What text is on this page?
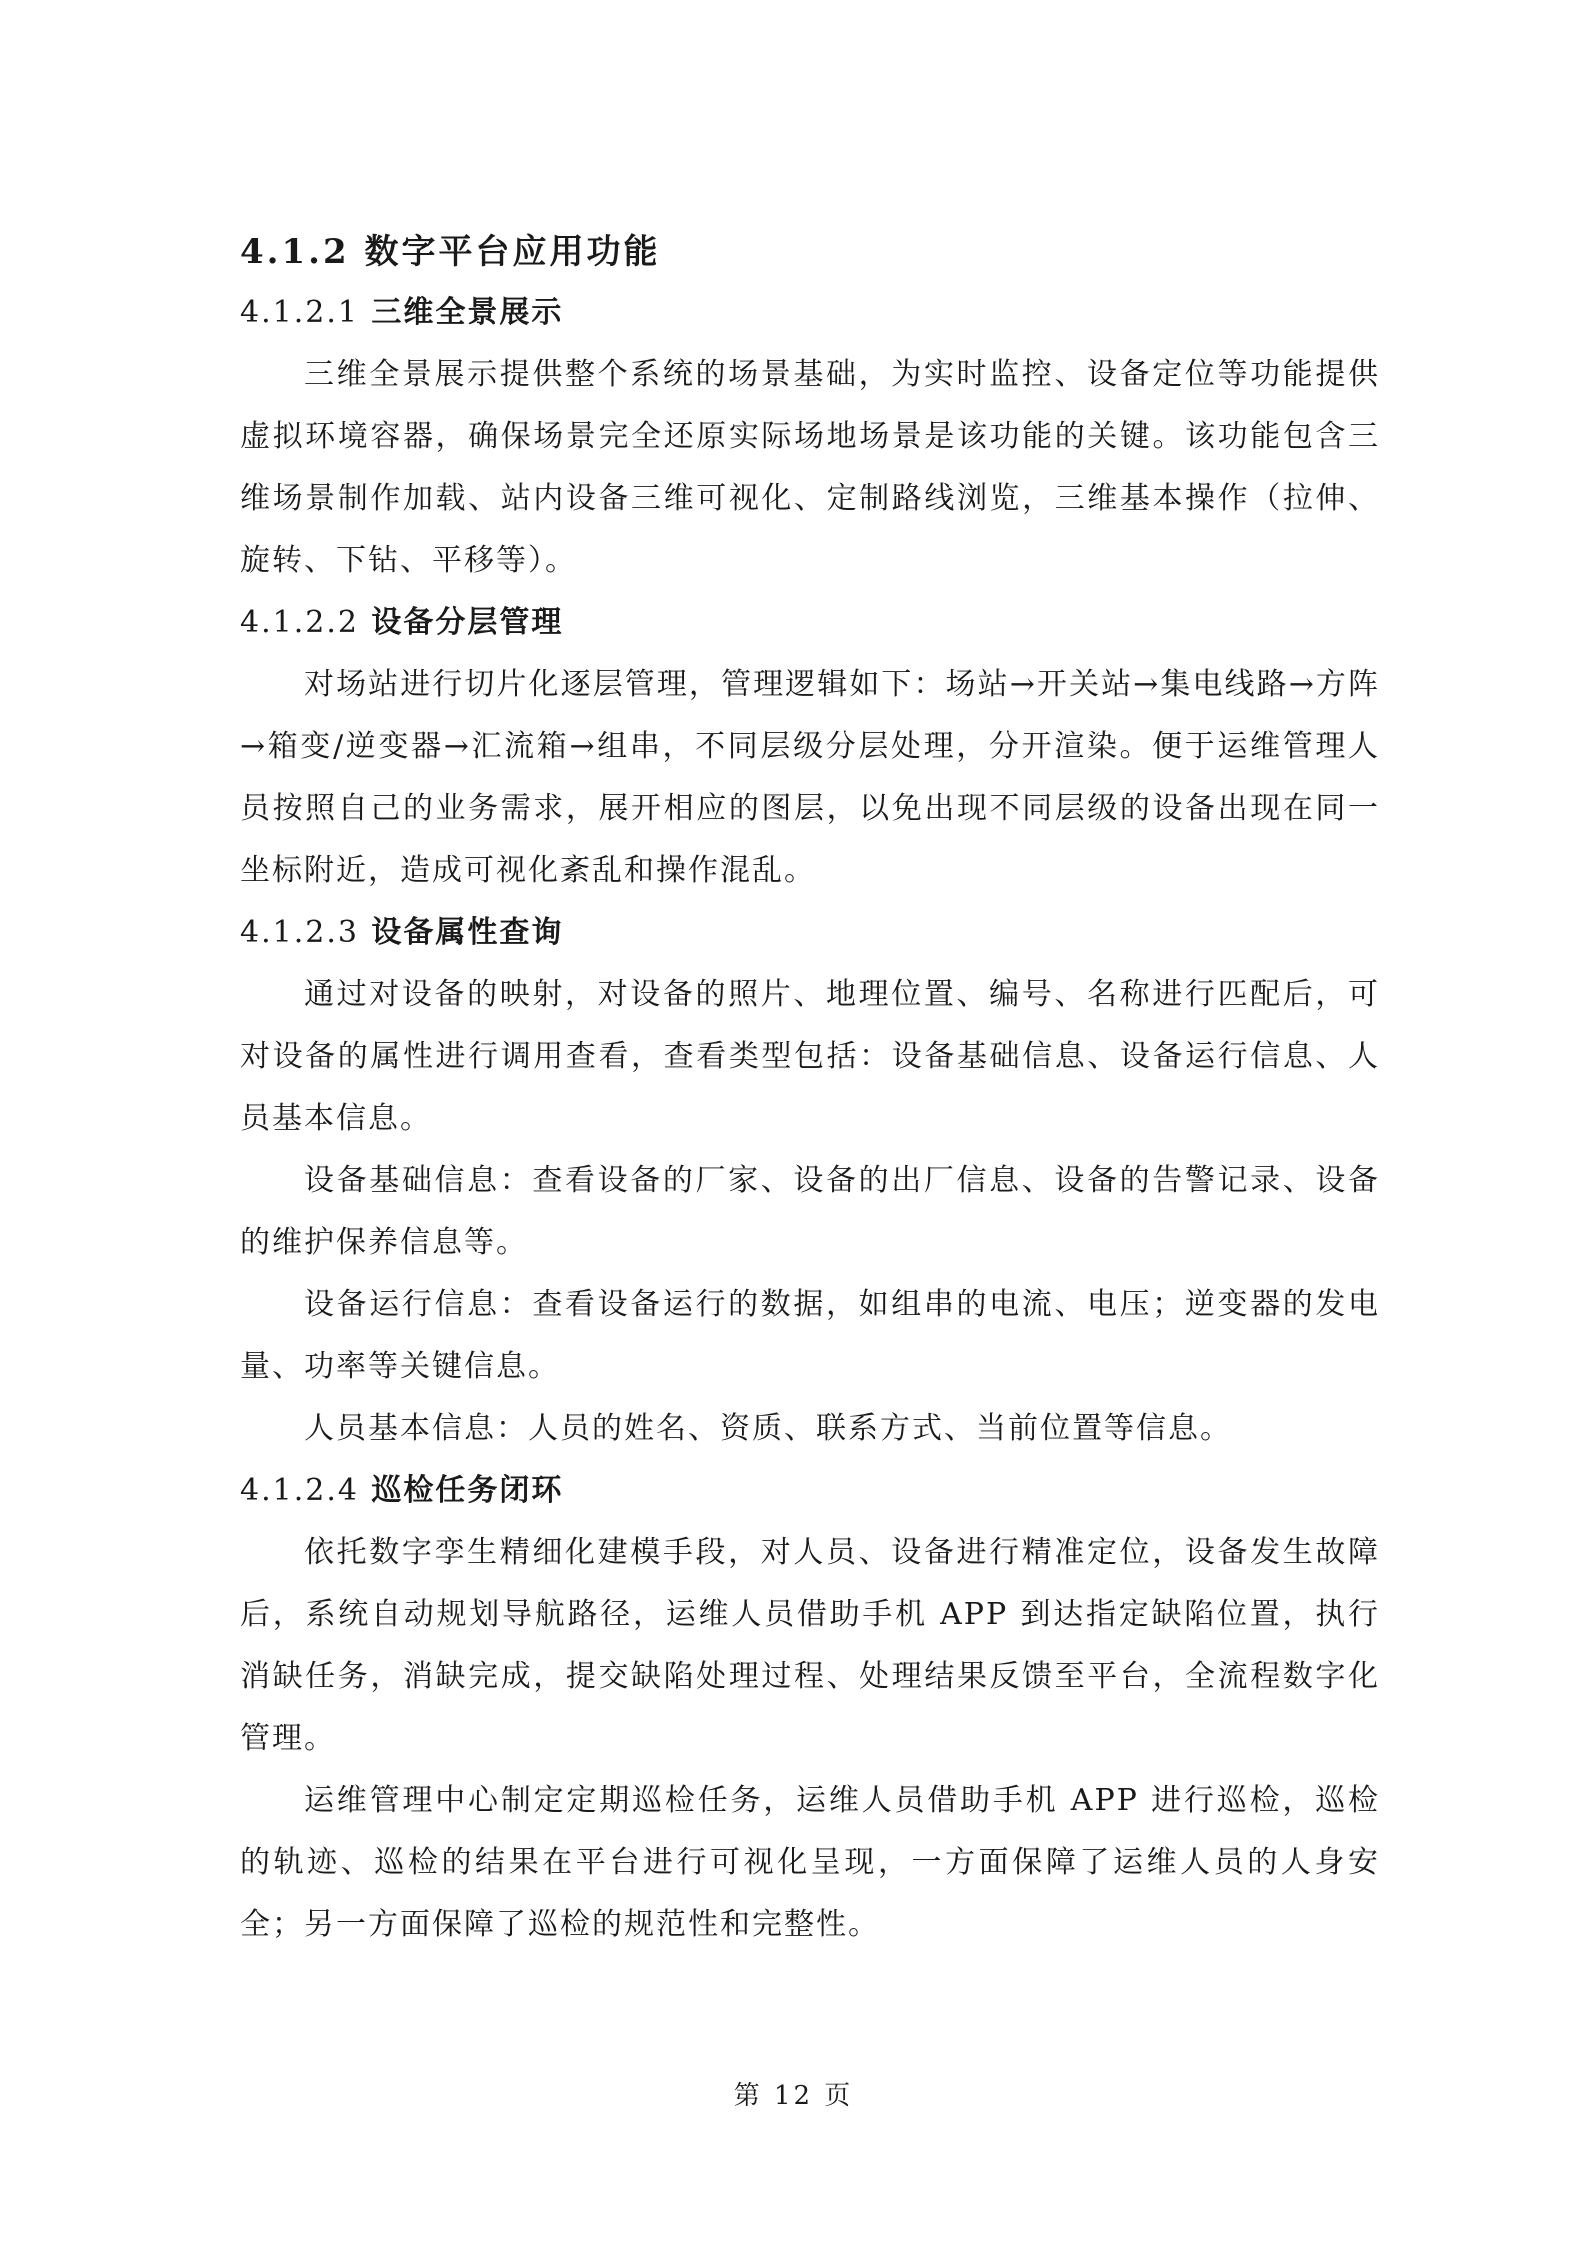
4.1.2 数字平台应用功能
4.1.2.1 三维全景展示

三维全景展示提供整个系统的场景基础，为实时监控、设备定位等功能提供虚拟环境容器，确保场景完全还原实际场地场景是该功能的关键。该功能包含三维场景制作加载、站内设备三维可视化、定制路线浏览，三维基本操作（拉伸、旋转、下钻、平移等）。

4.1.2.2 设备分层管理

对场站进行切片化逐层管理，管理逻辑如下：场站→开关站→集电线路→方阵→箱变/逆变器→汇流箱→组串，不同层级分层处理，分开渲染。便于运维管理人员按照自己的业务需求，展开相应的图层，以免出现不同层级的设备出现在同一坐标附近，造成可视化紊乱和操作混乱。

4.1.2.3 设备属性查询

通过对设备的映射，对设备的照片、地理位置、编号、名称进行匹配后，可对设备的属性进行调用查看，查看类型包括：设备基础信息、设备运行信息、人员基本信息。

设备基础信息：查看设备的厂家、设备的出厂信息、设备的告警记录、设备的维护保养信息等。

设备运行信息：查看设备运行的数据，如组串的电流、电压；逆变器的发电量、功率等关键信息。

人员基本信息：人员的姓名、资质、联系方式、当前位置等信息。

4.1.2.4 巡检任务闭环

依托数字孪生精细化建模手段，对人员、设备进行精准定位，设备发生故障后，系统自动规划导航路径，运维人员借助手机 APP 到达指定缺陷位置，执行消缺任务，消缺完成，提交缺陷处理过程、处理结果反馈至平台，全流程数字化管理。

运维管理中心制定定期巡检任务，运维人员借助手机 APP 进行巡检，巡检的轨迹、巡检的结果在平台进行可视化呈现，一方面保障了运维人员的人身安全；另一方面保障了巡检的规范性和完整性。

第 12 页
